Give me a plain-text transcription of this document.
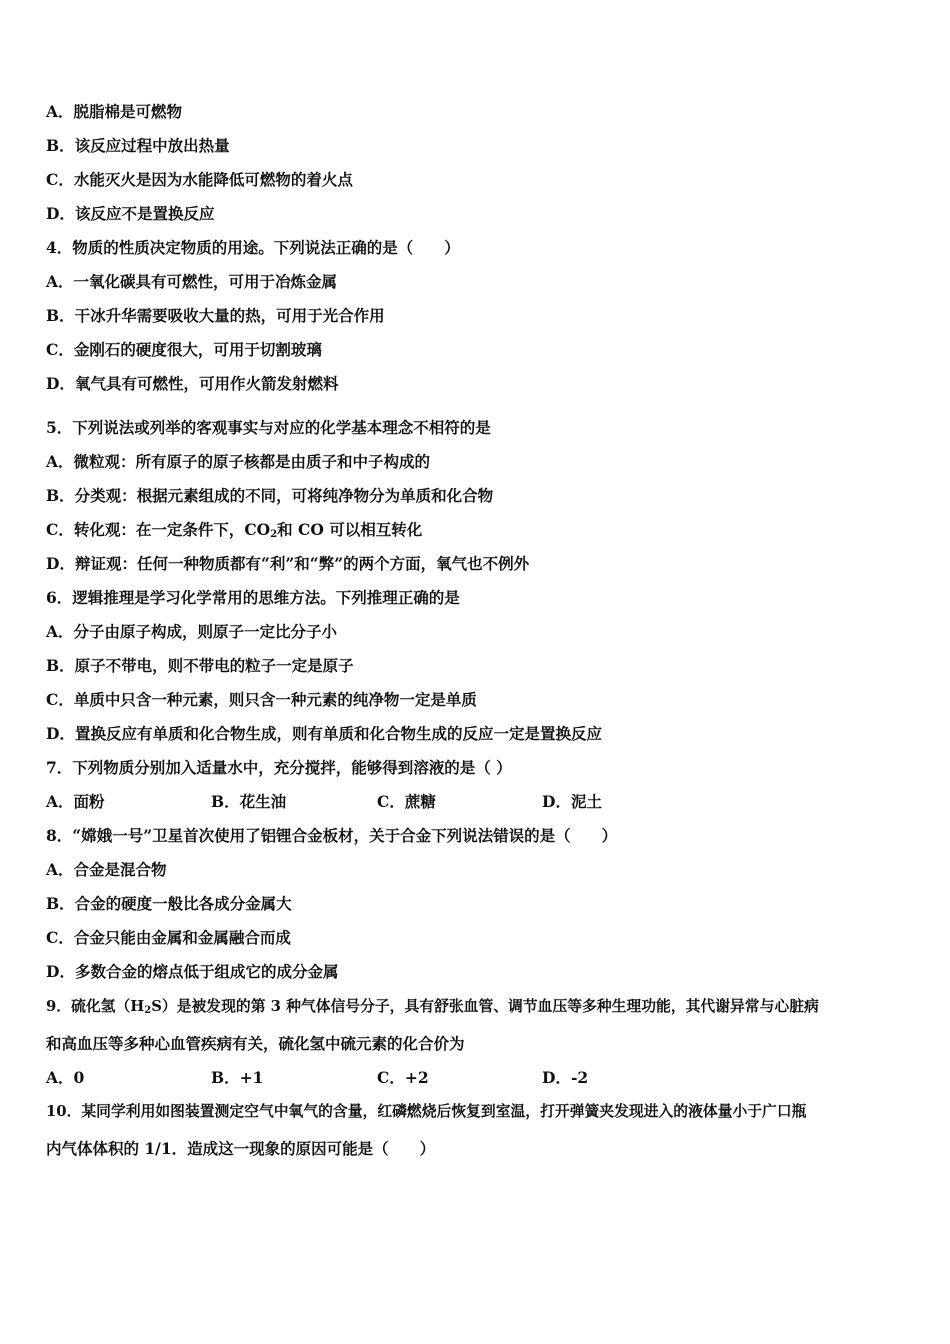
A．脱脂棉是可燃物

B．该反应过程中放出热量

C．水能灭火是因为水能降低可燃物的着火点

D．该反应不是置换反应

4．物质的性质决定物质的用途。下列说法正确的是（　　）

A．一氧化碳具有可燃性，可用于冶炼金属

B．干冰升华需要吸收大量的热，可用于光合作用

C．金刚石的硬度很大，可用于切割玻璃

D．氧气具有可燃性，可用作火箭发射燃料

5．下列说法或列举的客观事实与对应的化学基本理念不相符的是

A．微粒观：所有原子的原子核都是由质子和中子构成的

B．分类观：根据元素组成的不同，可将纯净物分为单质和化合物

C．转化观：在一定条件下，$CO_2$和 CO 可以相互转化

D．辩证观：任何一种物质都有“利”和“弊”的两个方面，氧气也不例外

6．逻辑推理是学习化学常用的思维方法。下列推理正确的是

A．分子由原子构成，则原子一定比分子小

B．原子不带电，则不带电的粒子一定是原子

C．单质中只含一种元素，则只含一种元素的纯净物一定是单质

D．置换反应有单质和化合物生成，则有单质和化合物生成的反应一定是置换反应

7．下列物质分别加入适量水中，充分搅拌，能够得到溶液的是（ ）

A．面粉	B．花生油	C．蔗糖	D．泥土

8．“嫦娥一号”卫星首次使用了铝锂合金板材，关于合金下列说法错误的是（　　）

A．合金是混合物

B．合金的硬度一般比各成分金属大

C．合金只能由金属和金属融合而成

D．多数合金的熔点低于组成它的成分金属

9．硫化氢$(H_2S)$是被发现的第 3 种气体信号分子，具有舒张血管、调节血压等多种生理功能，其代谢异常与心脏病

和高血压等多种心血管疾病有关，硫化氢中硫元素的化合价为

A．0	B．+1	C．+2	D．-2

10．某同学利用如图装置测定空气中氧气的含量，红磷燃烧后恢复到室温，打开弹簧夹发现进入的液体量小于广口瓶

内气体体积的 1/1．造成这一现象的原因可能是（　　）
